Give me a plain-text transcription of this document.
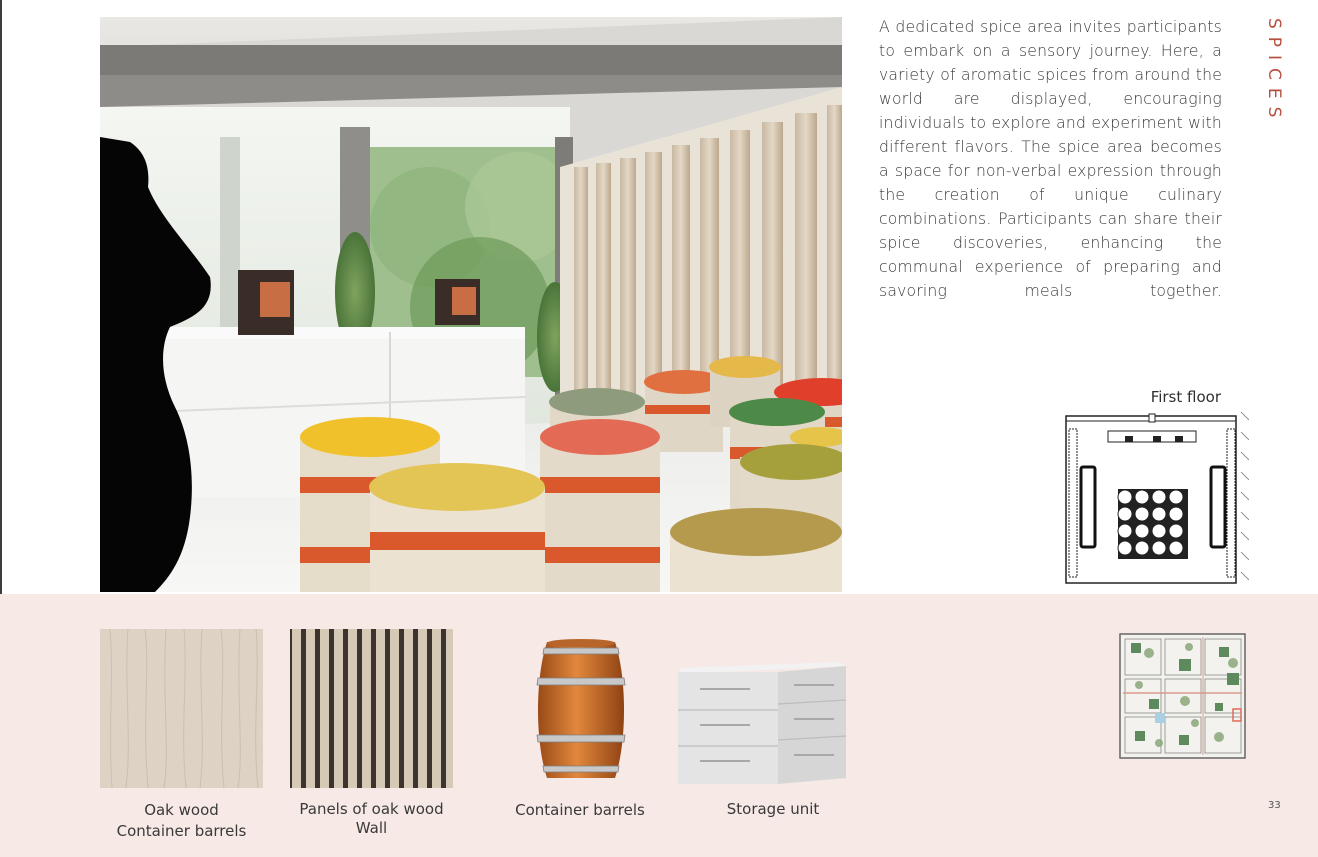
A dedicated spice area invites participants to embark on a sensory journey. Here, a variety of aromatic spices from around the world are displayed, encouraging individuals to explore and experiment with different flavors. The spice area becomes a space for non-verbal expression through the creation of unique culinary combinations. Participants can share their spice discoveries, enhancing the communal experience of preparing and savoring meals together.
SPICES
First floor
Oak wood
Container barrels
Panels of oak wood
Wall
Container barrels	Storage unit	33
